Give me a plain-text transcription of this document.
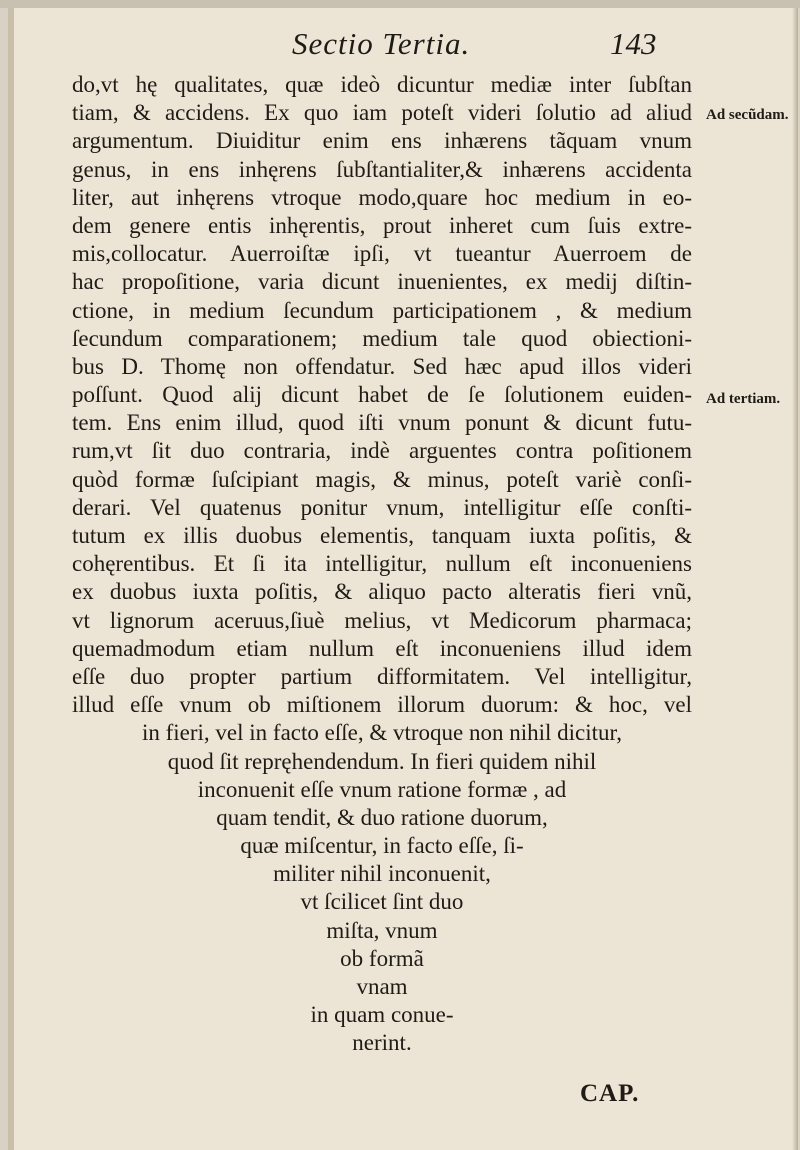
Sectio Tertia.	143
do,vt hę qualitates, quæ ideò dicuntur mediæ inter ſubſtan
tiam, & accidens. Ex quo iam poteſt videri ſolutio ad aliud
argumentum. Diuiditur enim ens inhærens tãquam vnum
genus, in ens inhęrens ſubſtantialiter,& inhærens accidenta
liter, aut inhęrens vtroque modo,quare hoc medium in eo-
dem genere entis inhęrentis, prout inheret cum ſuis extre-
mis,collocatur. Auerroiſtæ ipſi, vt tueantur Auerroem de
hac propoſitione, varia dicunt inuenientes, ex medij diſtin-
ctione, in medium ſecundum participationem , & medium
ſecundum comparationem; medium tale quod obiectioni-
bus D. Thomę non offendatur. Sed hæc apud illos videri
poſſunt. Quod alij dicunt habet de ſe ſolutionem euiden-
tem. Ens enim illud, quod iſti vnum ponunt & dicunt futu-
rum,vt ſit duo contraria, indè arguentes contra poſitionem
quòd formæ ſuſcipiant magis, & minus, poteſt variè conſi-
derari. Vel quatenus ponitur vnum, intelligitur eſſe conſti-
tutum ex illis duobus elementis, tanquam iuxta poſitis, &
cohęrentibus. Et ſi ita intelligitur, nullum eſt inconueniens
ex duobus iuxta poſitis, & aliquo pacto alteratis fieri vnũ,
vt lignorum aceruus,ſiuè melius, vt Medicorum pharmaca;
quemadmodum etiam nullum eſt inconueniens illud idem
eſſe duo propter partium difformitatem. Vel intelligitur,
illud eſſe vnum ob miſtionem illorum duorum: & hoc, vel
in fieri, vel in facto eſſe, & vtroque non nihil dicitur,
quod ſit repręhendendum. In fieri quidem nihil
inconuenit eſſe vnum ratione formæ , ad
quam tendit, & duo ratione duorum,
quæ miſcentur, in facto eſſe, ſi-
militer nihil inconuenit,
vt ſcilicet ſint duo
miſta, vnum
ob formã
vnam
in quam conue-
nerint.
Ad secũdam.
Ad tertiam.
CAP.
